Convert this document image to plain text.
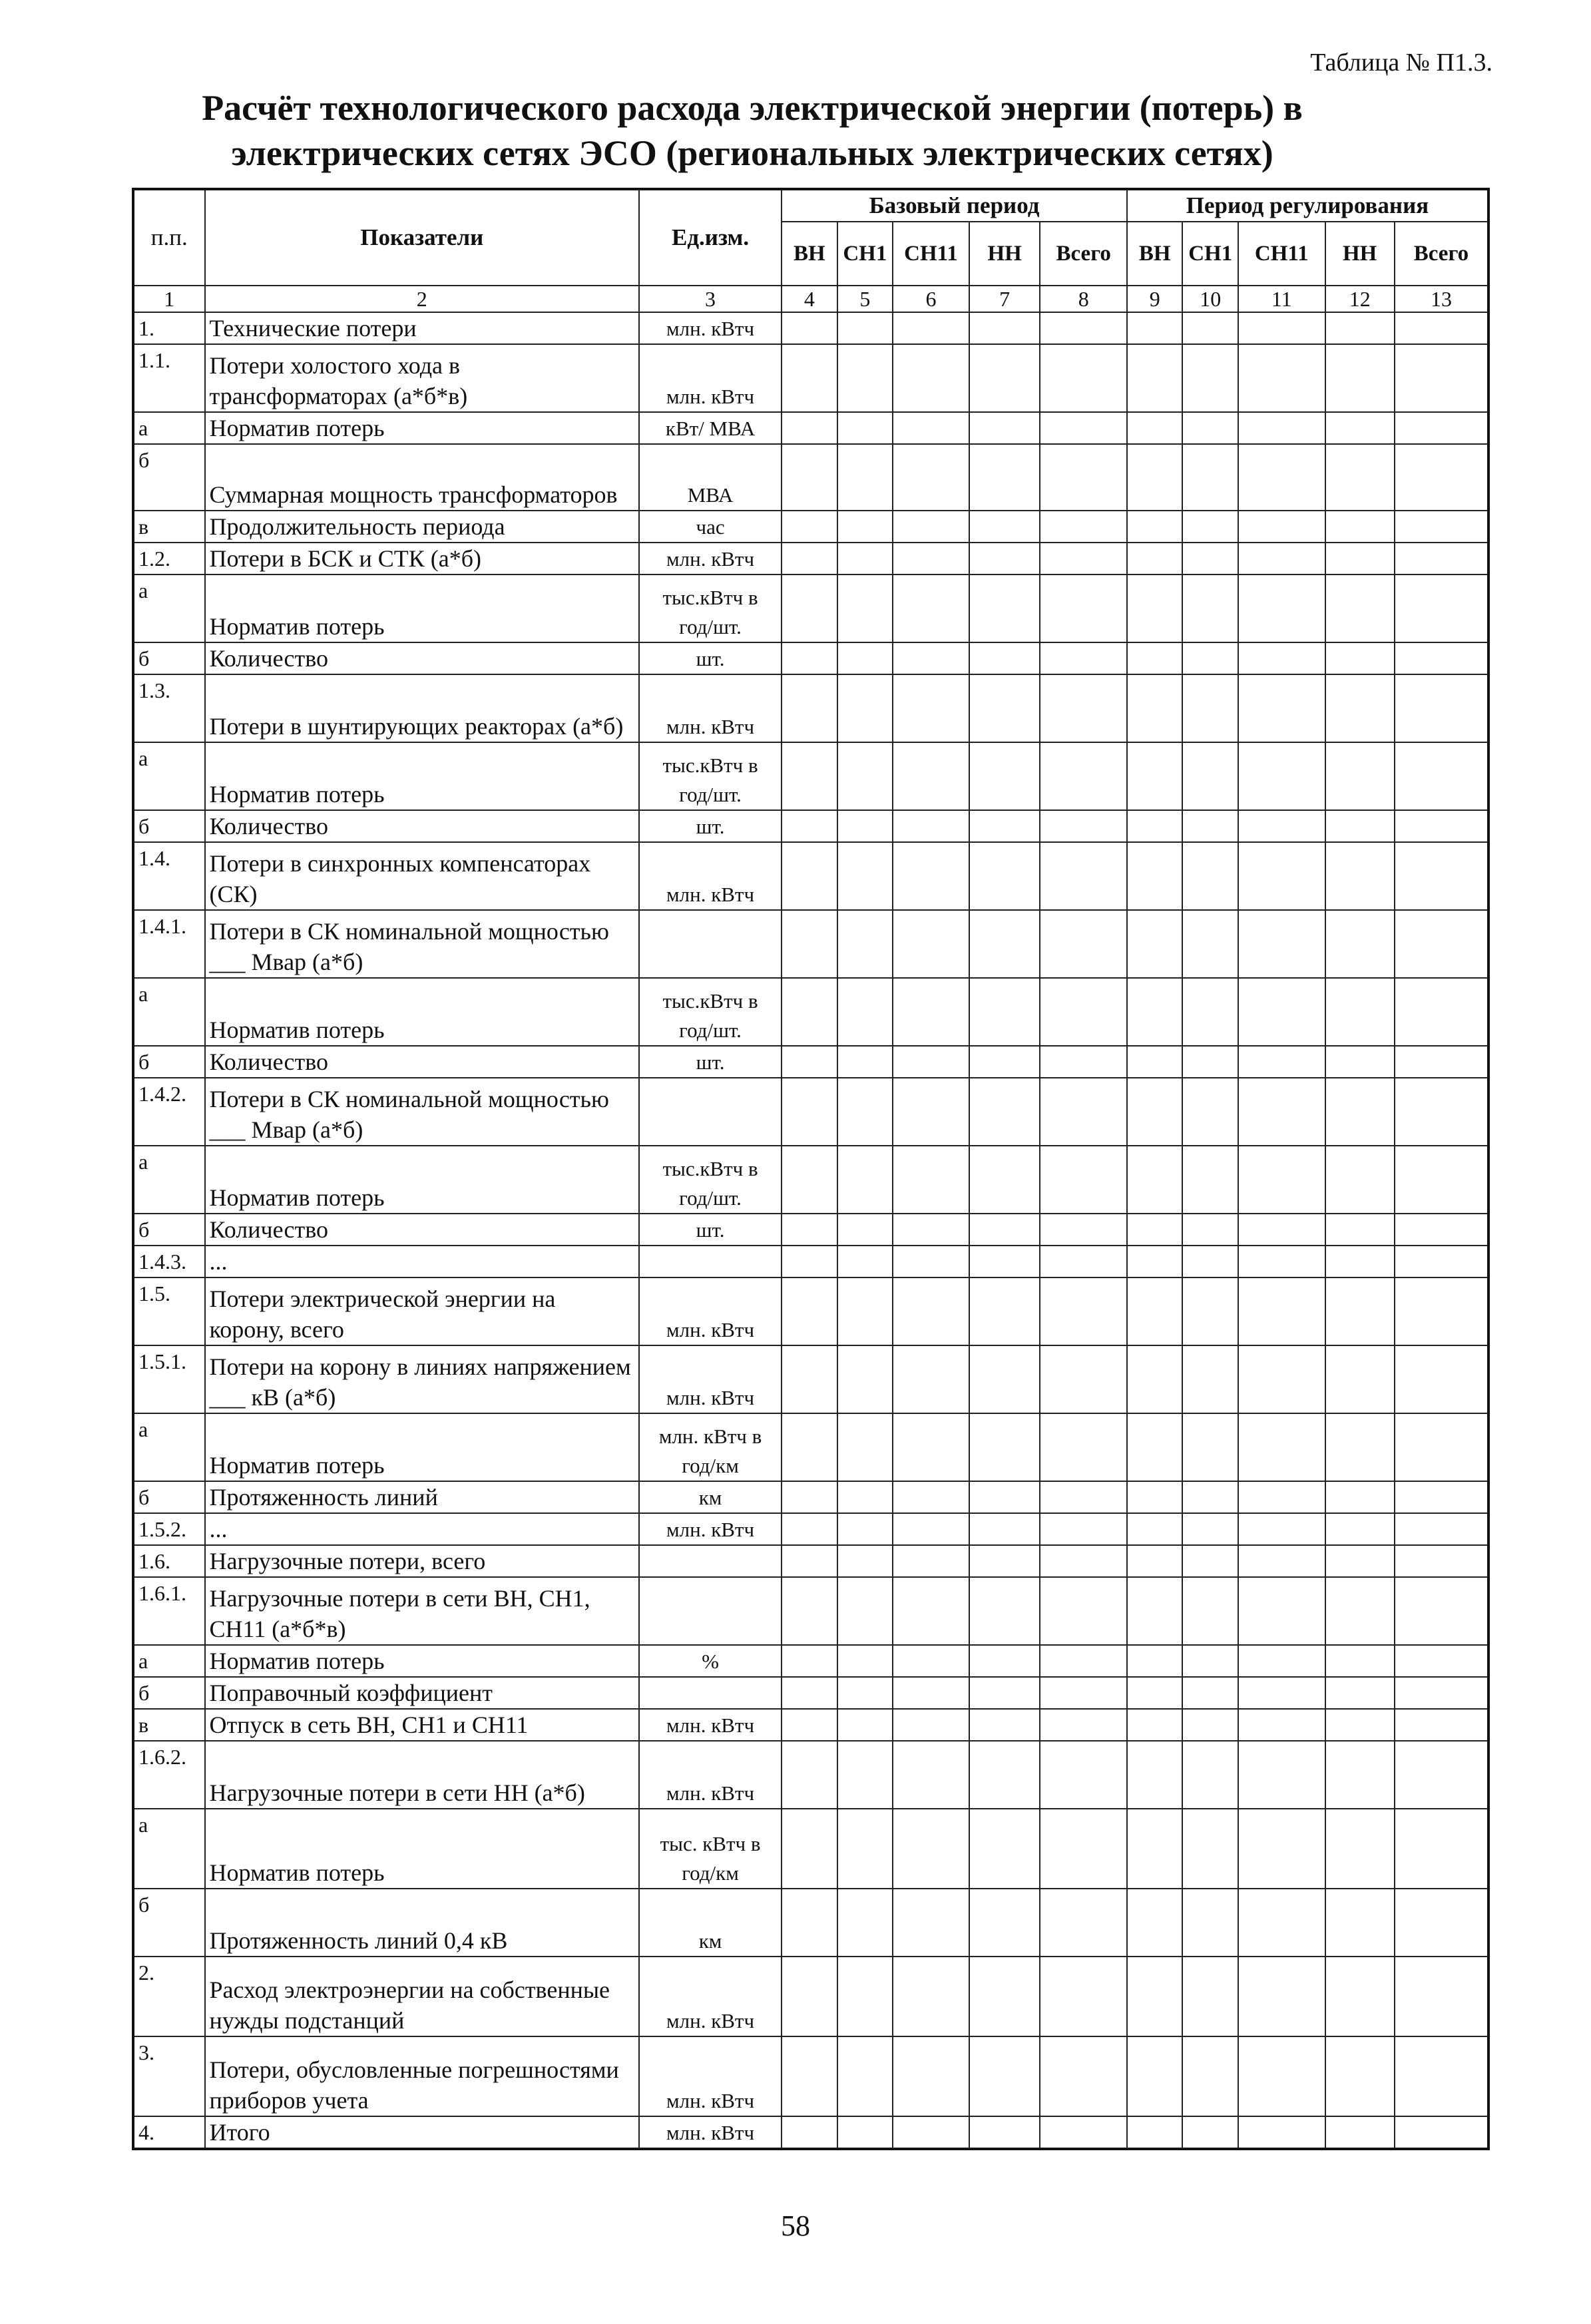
Таблица № П1.3.
Расчёт технологического расхода электрической энергии (потерь) в
электрических сетях ЭСО (региональных электрических сетях)
п.п.	Показатели	Ед.изм.	Базовый период					Период регулирования				
			ВН	СН1	СН11	НН	Всего	ВН	СН1	СН11	НН	Всего
1	2	3	4	5	6	7	8	9	10	11	12	13
1.	Технические потери	млн. кВтч										
1.1.	Потери холостого хода в трансформаторах (а*б*в)	млн. кВтч										
а	Норматив потерь	кВт/ МВА										
б	Суммарная мощность трансформаторов	МВА										
в	Продолжительность периода	час										
1.2.	Потери в БСК и СТК (а*б)	млн. кВтч										
а	Норматив потерь	тыс.кВтч в год/шт.										
б	Количество	шт.										
1.3.	Потери в шунтирующих реакторах (а*б)	млн. кВтч										
а	Норматив потерь	тыс.кВтч в год/шт.										
б	Количество	шт.										
1.4.	Потери в синхронных компенсаторах (СК)	млн. кВтч										
1.4.1.	Потери в СК номинальной мощностью ___ Мвар (а*б)											
а	Норматив потерь	тыс.кВтч в год/шт.										
б	Количество	шт.										
1.4.2.	Потери в СК номинальной мощностью ___ Мвар (а*б)											
а	Норматив потерь	тыс.кВтч в год/шт.										
б	Количество	шт.										
1.4.3.	...											
1.5.	Потери электрической энергии на корону, всего	млн. кВтч										
1.5.1.	Потери на корону в линиях напряжением ___ кВ (а*б)	млн. кВтч										
а	Норматив потерь	млн. кВтч в год/км										
б	Протяженность линий	км										
1.5.2.	...	млн. кВтч										
1.6.	Нагрузочные потери, всего											
1.6.1.	Нагрузочные потери в сети ВН, СН1, СН11 (а*б*в)											
а	Норматив потерь	%										
б	Поправочный коэффициент											
в	Отпуск в сеть ВН, СН1 и СН11	млн. кВтч										
1.6.2.	Нагрузочные потери в сети НН (а*б)	млн. кВтч										
а	Норматив потерь	тыс. кВтч в год/км										
б	Протяженность линий 0,4 кВ	км										
2.	Расход электроэнергии на собственные нужды подстанций	млн. кВтч										
3.	Потери, обусловленные погрешностями приборов учета	млн. кВтч										
4.	Итого	млн. кВтч										
58
